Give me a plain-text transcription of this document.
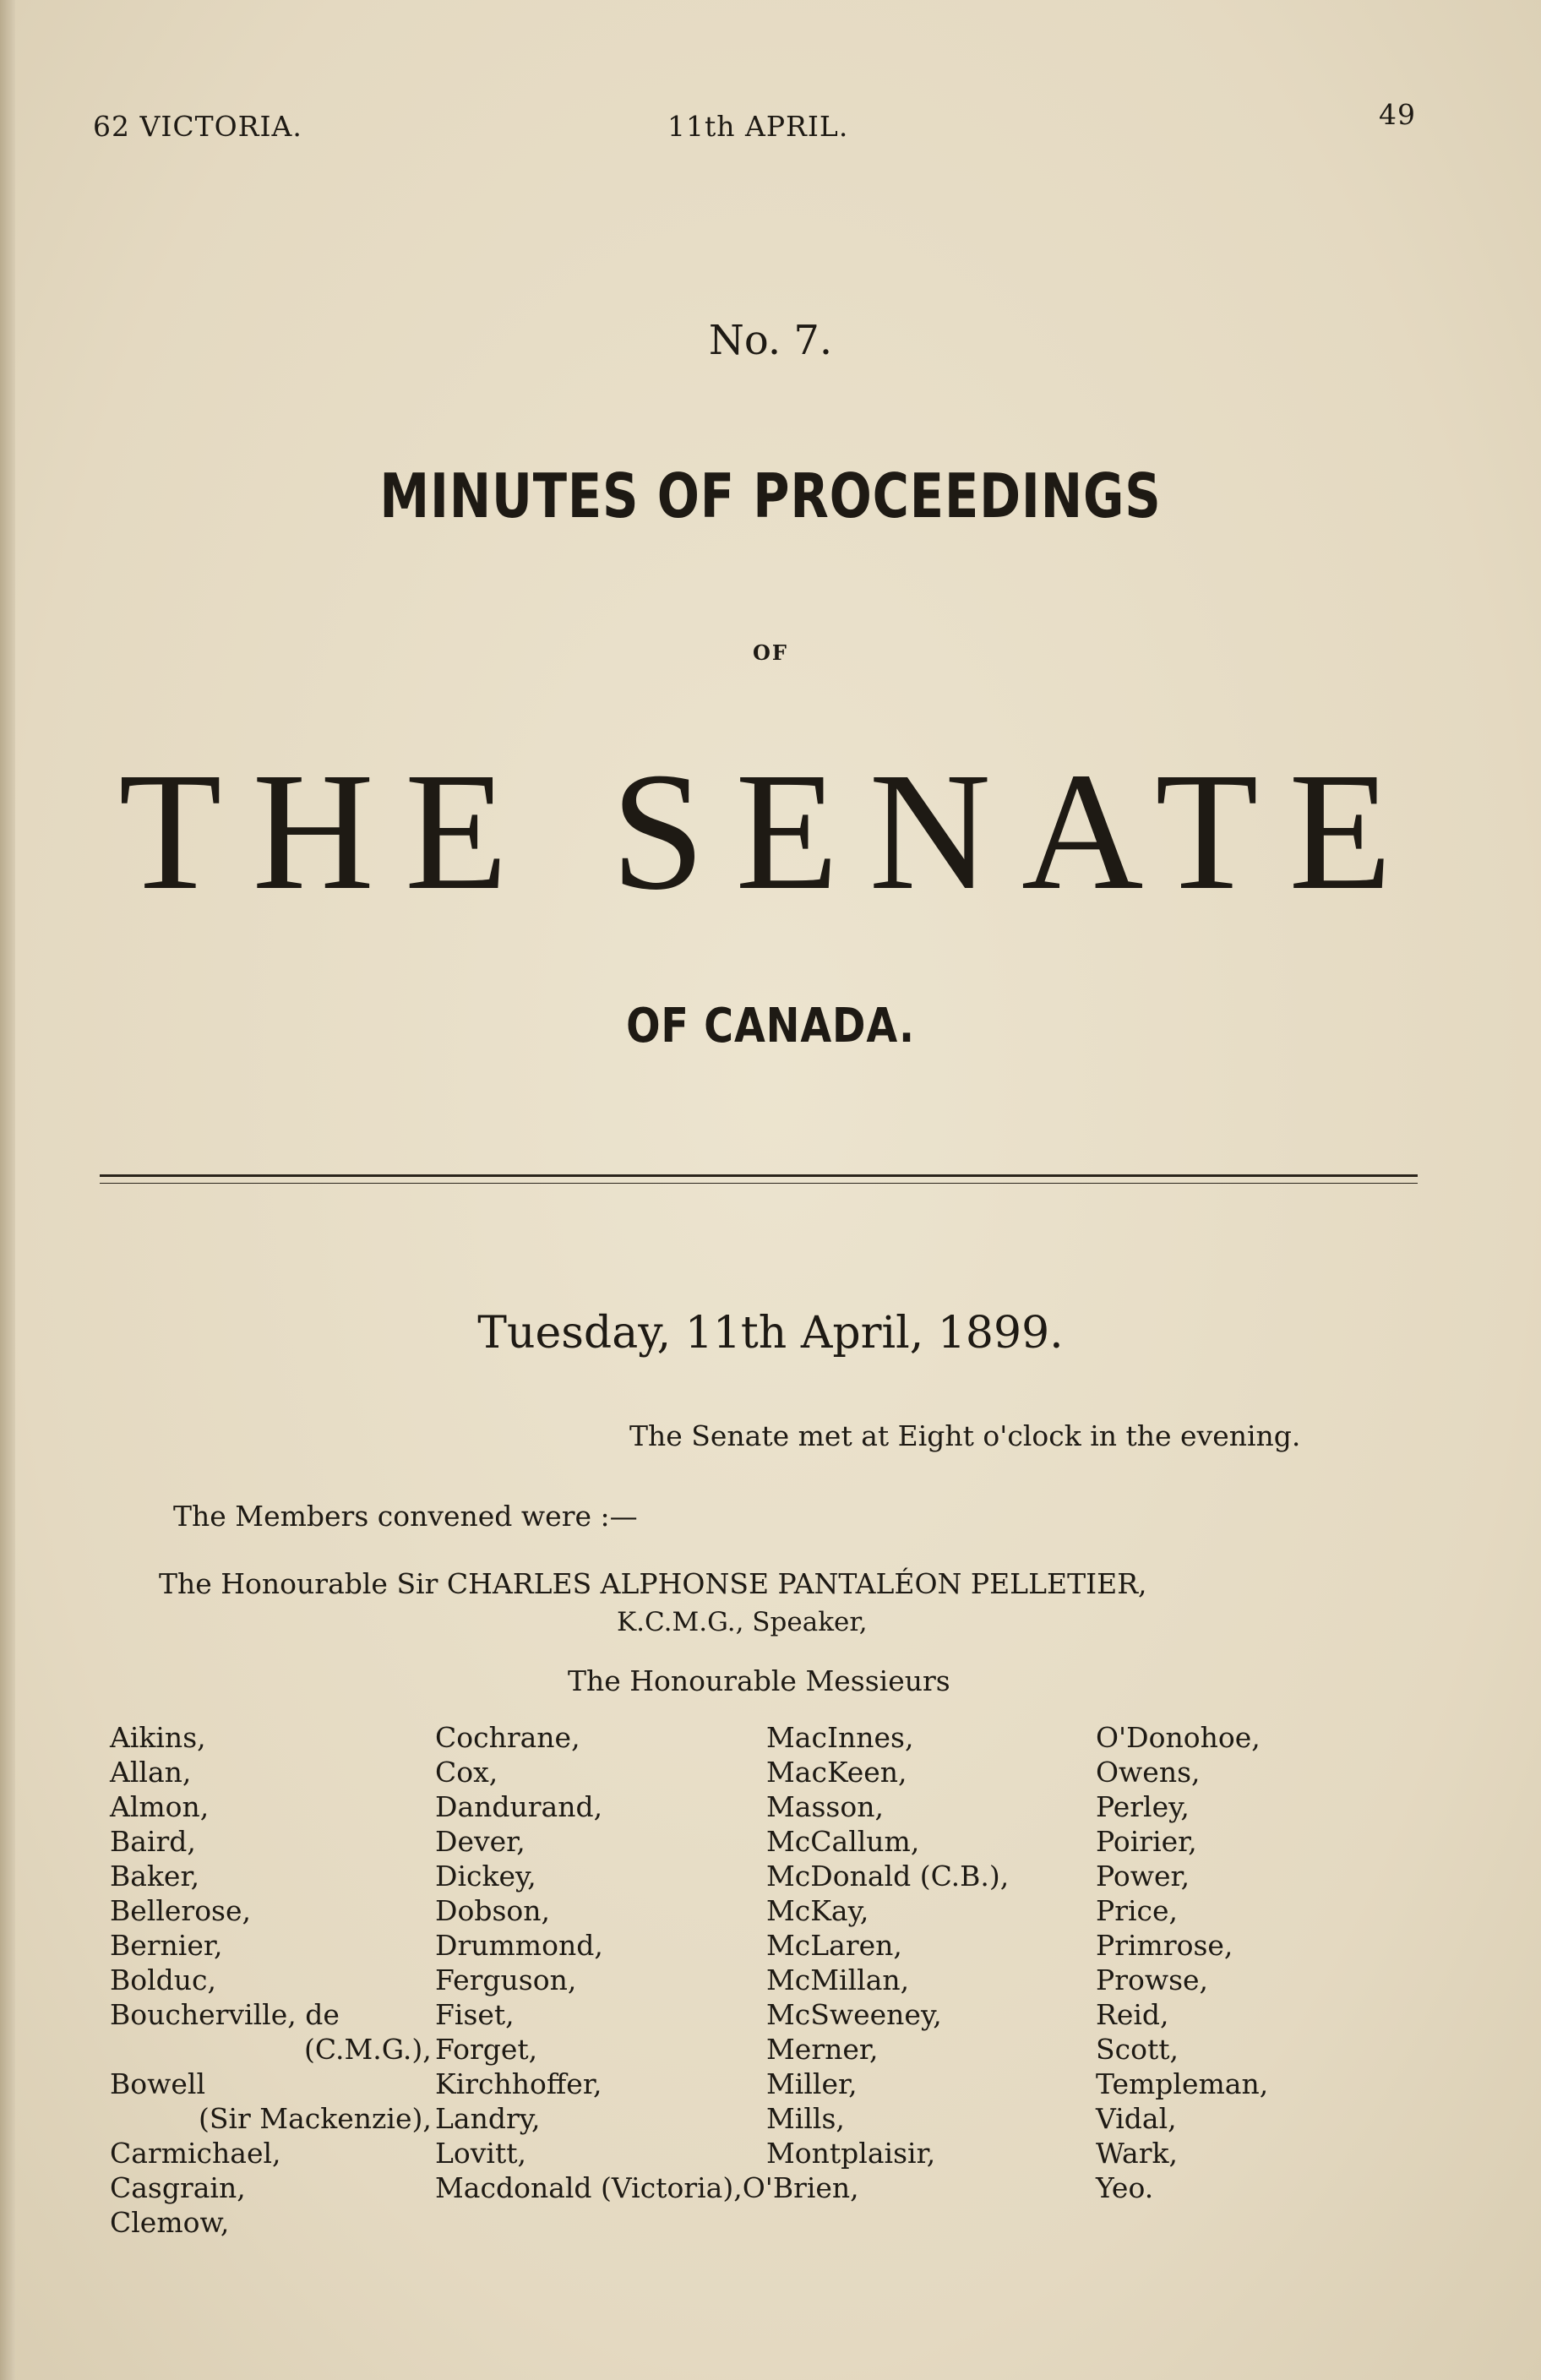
62 VICTORIA.	11th APRIL.	49
No. 7.
MINUTES OF PROCEEDINGS
OF
THE SENATE
OF CANADA.
Tuesday, 11th April, 1899.
The Senate met at Eight o'clock in the evening.
The Members convened were :—
The Honourable Sir CHARLES ALPHONSE PANTALÉON PELLETIER,
K.C.M.G., Speaker,
The Honourable Messieurs
Aikins,
Allan,
Almon,
Baird,
Baker,
Bellerose,
Bernier,
Bolduc,
Boucherville, de
(C.M.G.),
Bowell
(Sir Mackenzie),
Carmichael,
Casgrain,
Clemow,
Cochrane,
Cox,
Dandurand,
Dever,
Dickey,
Dobson,
Drummond,
Ferguson,
Fiset,
Forget,
Kirchhoffer,
Landry,
Lovitt,
Macdonald (Victoria),O'Brien,
MacInnes,
MacKeen,
Masson,
McCallum,
McDonald (C.B.),
McKay,
McLaren,
McMillan,
McSweeney,
Merner,
Miller,
Mills,
Montplaisir,
O'Donohoe,
Owens,
Perley,
Poirier,
Power,
Price,
Primrose,
Prowse,
Reid,
Scott,
Templeman,
Vidal,
Wark,
Yeo.
